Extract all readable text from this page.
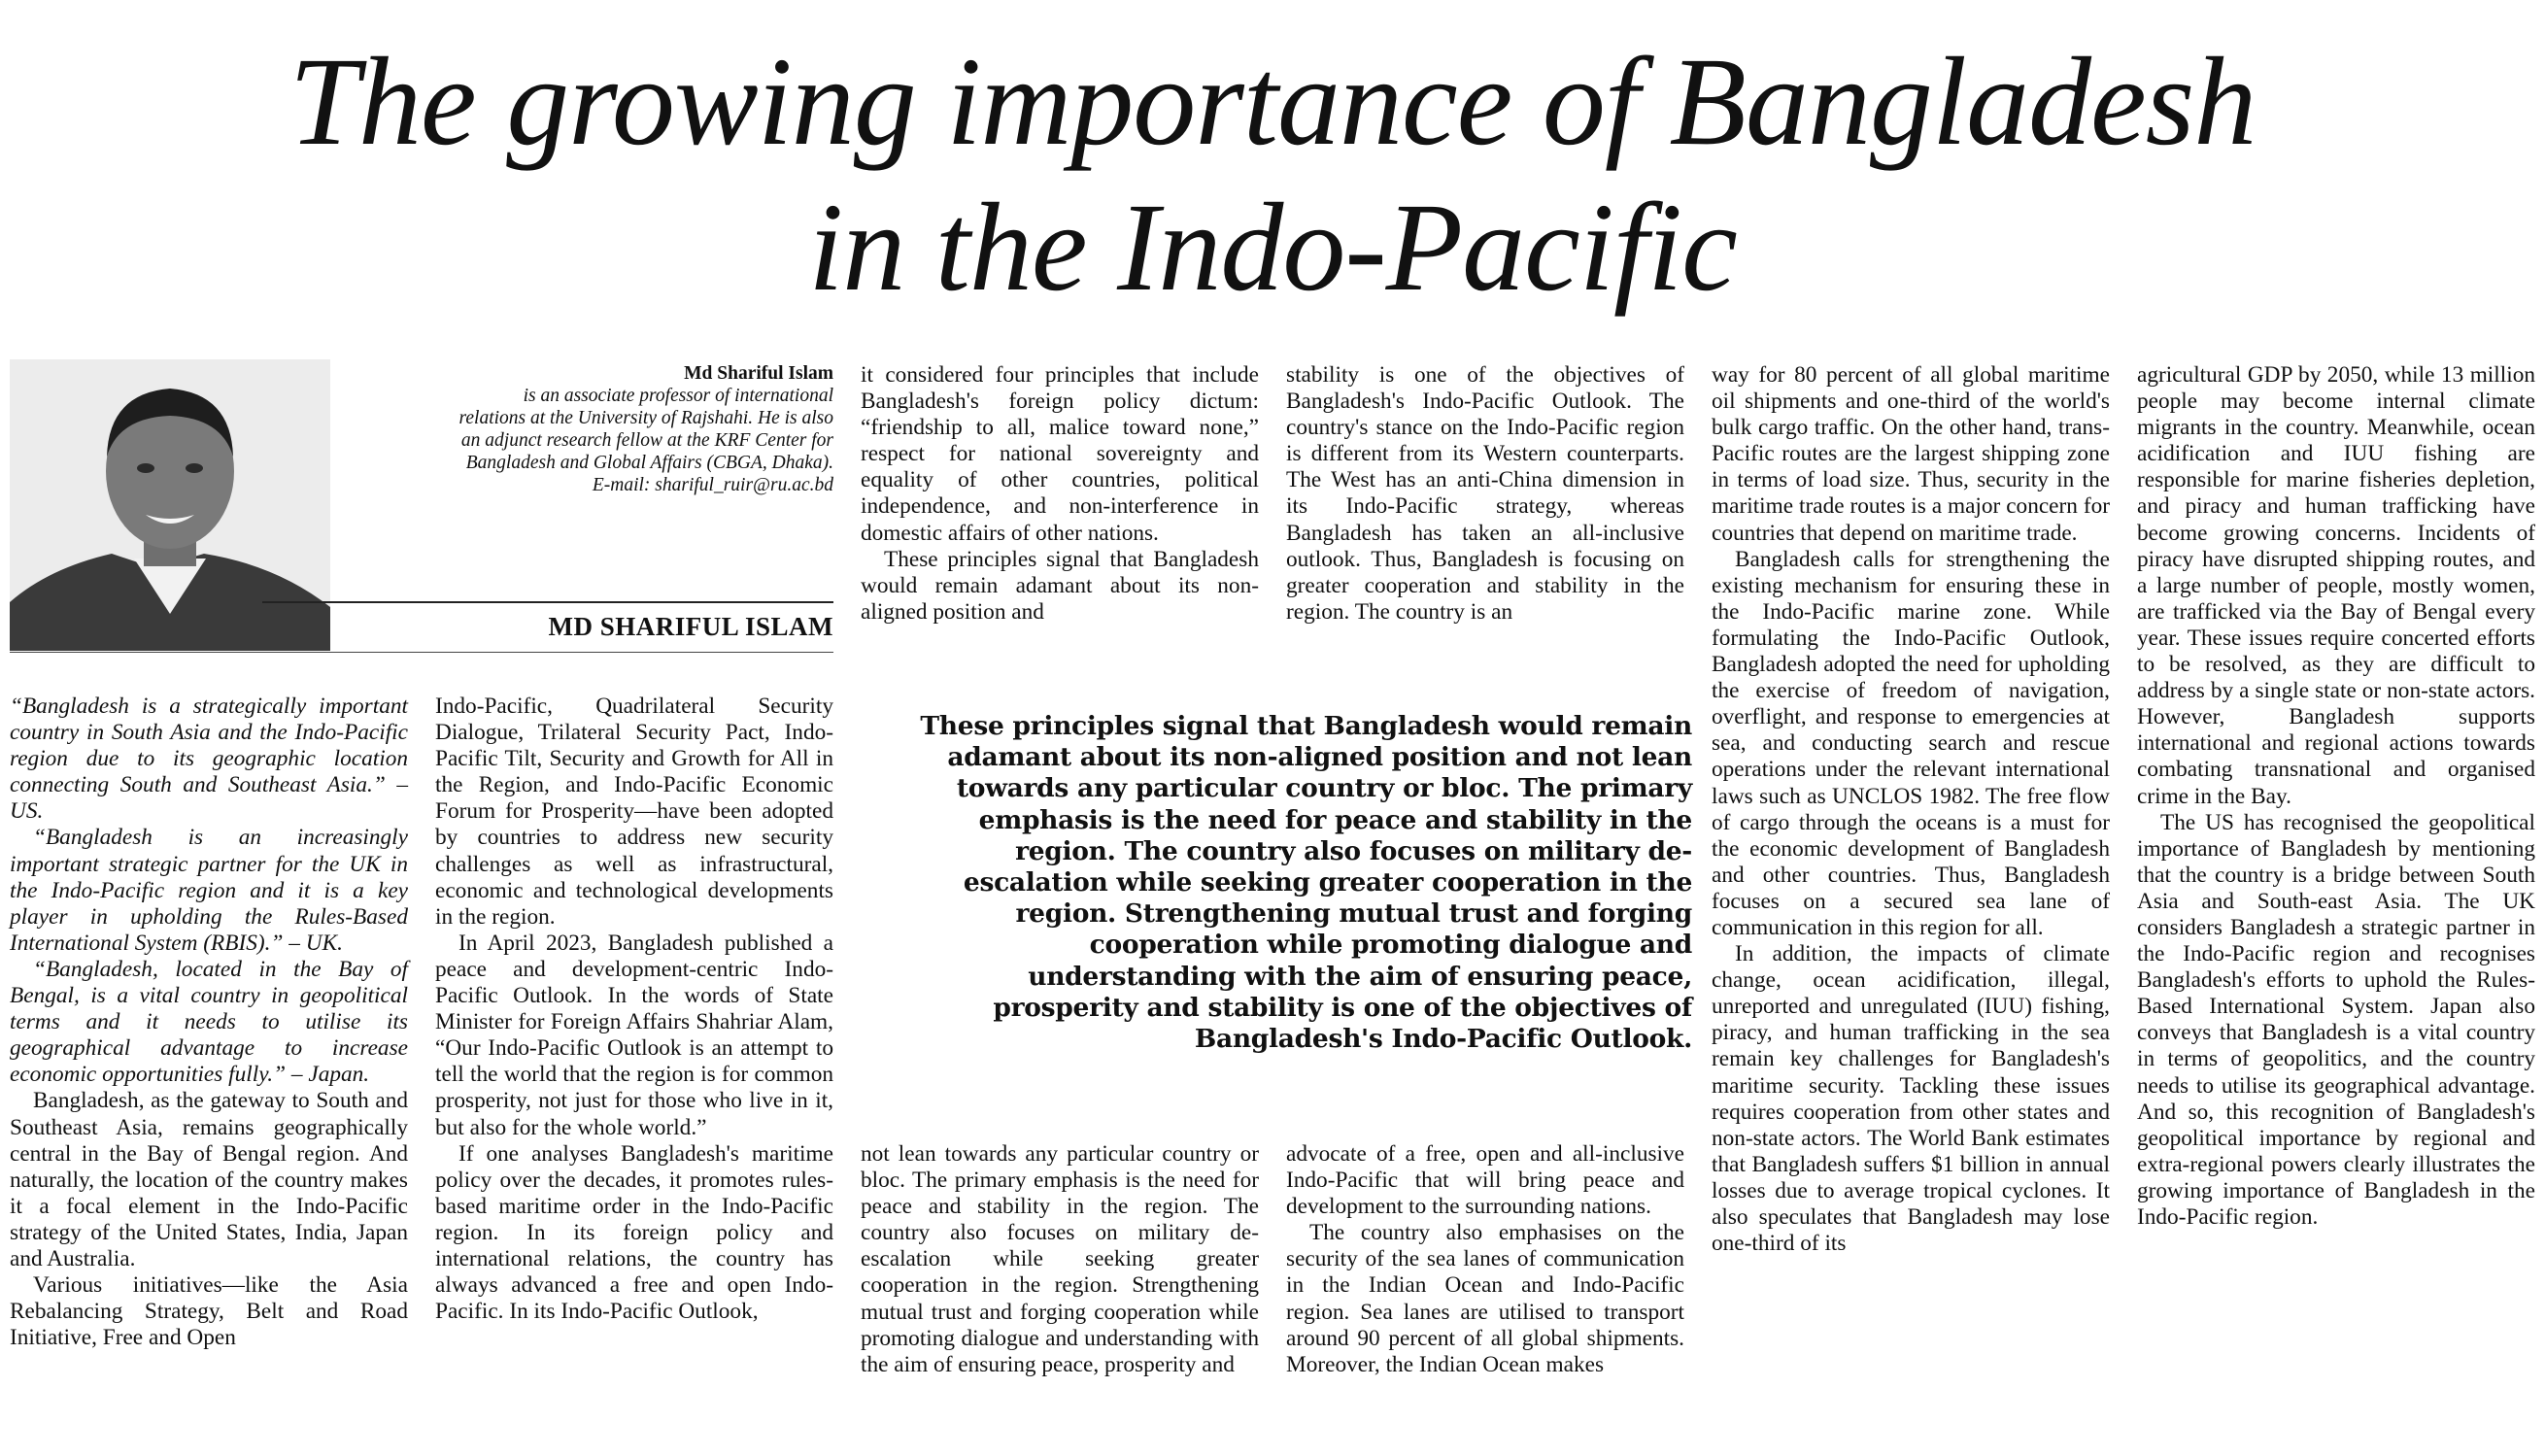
The growing importance of Bangladesh
in the Indo-Pacific
Md Shariful Islam
is an associate professor of international relations at the University of Rajshahi. He is also an adjunct research fellow at the KRF Center for Bangladesh and Global Affairs (CBGA, Dhaka). E-mail: shariful_ruir@ru.ac.bd
MD SHARIFUL ISLAM

“Bangladesh is a strategically important country in South Asia and the Indo-Pacific region due to its geographic location connecting South and Southeast Asia.” – US.

“Bangladesh is an increasingly important strategic partner for the UK in the Indo-Pacific region and it is a key player in upholding the Rules-Based International System (RBIS).” – UK.

“Bangladesh, located in the Bay of Bengal, is a vital country in geopolitical terms and it needs to utilise its geographical advantage to increase economic opportunities fully.” – Japan.

Bangladesh, as the gateway to South and Southeast Asia, remains geographically central in the Bay of Bengal region. And naturally, the location of the country makes it a focal element in the Indo-Pacific strategy of the United States, India, Japan and Australia.

Various initiatives—like the Asia Rebalancing Strategy, Belt and Road Initiative, Free and Open

Indo-Pacific, Quadrilateral Security Dialogue, Trilateral Security Pact, Indo-Pacific Tilt, Security and Growth for All in the Region, and Indo-Pacific Economic Forum for Prosperity—have been adopted by countries to address new security challenges as well as infrastructural, economic and technological developments in the region.

In April 2023, Bangladesh published a peace and development-centric Indo-Pacific Outlook. In the words of State Minister for Foreign Affairs Shahriar Alam, “Our Indo-Pacific Outlook is an attempt to tell the world that the region is for common prosperity, not just for those who live in it, but also for the whole world.”

If one analyses Bangladesh's maritime policy over the decades, it promotes rules-based maritime order in the Indo-Pacific region. In its foreign policy and international relations, the country has always advanced a free and open Indo-Pacific. In its Indo-Pacific Outlook,

it considered four principles that include Bangladesh's foreign policy dictum: “friendship to all, malice toward none,” respect for national sovereignty and equality of other countries, political independence, and non-interference in domestic affairs of other nations.

These principles signal that Bangladesh would remain adamant about its non-aligned position and

stability is one of the objectives of Bangladesh's Indo-Pacific Outlook. The country's stance on the Indo-Pacific region is different from its Western counterparts. The West has an anti-China dimension in its Indo-Pacific strategy, whereas Bangladesh has taken an all-inclusive outlook. Thus, Bangladesh is focusing on greater cooperation and stability in the region. The country is an

These principles signal that Bangladesh would remain adamant about its non-aligned position and not lean towards any particular country or bloc. The primary emphasis is the need for peace and stability in the region. The country also focuses on military de-escalation while seeking greater cooperation in the region. Strengthening mutual trust and forging cooperation while promoting dialogue and understanding with the aim of ensuring peace, prosperity and stability is one of the objectives of Bangladesh's Indo-Pacific Outlook.

not lean towards any particular country or bloc. The primary emphasis is the need for peace and stability in the region. The country also focuses on military de-escalation while seeking greater cooperation in the region. Strengthening mutual trust and forging cooperation while promoting dialogue and understanding with the aim of ensuring peace, prosperity and

advocate of a free, open and all-inclusive Indo-Pacific that will bring peace and development to the surrounding nations.

The country also emphasises on the security of the sea lanes of communication in the Indian Ocean and Indo-Pacific region. Sea lanes are utilised to transport around 90 percent of all global shipments. Moreover, the Indian Ocean makes

way for 80 percent of all global maritime oil shipments and one-third of the world's bulk cargo traffic. On the other hand, trans-Pacific routes are the largest shipping zone in terms of load size. Thus, security in the maritime trade routes is a major concern for countries that depend on maritime trade.

Bangladesh calls for strengthening the existing mechanism for ensuring these in the Indo-Pacific marine zone. While formulating the Indo-Pacific Outlook, Bangladesh adopted the need for upholding the exercise of freedom of navigation, overflight, and response to emergencies at sea, and conducting search and rescue operations under the relevant international laws such as UNCLOS 1982. The free flow of cargo through the oceans is a must for the economic development of Bangladesh and other countries. Thus, Bangladesh focuses on a secured sea lane of communication in this region for all.

In addition, the impacts of climate change, ocean acidification, illegal, unreported and unregulated (IUU) fishing, piracy, and human trafficking in the sea remain key challenges for Bangladesh's maritime security. Tackling these issues requires cooperation from other states and non-state actors. The World Bank estimates that Bangladesh suffers $1 billion in annual losses due to average tropical cyclones. It also speculates that Bangladesh may lose one-third of its

agricultural GDP by 2050, while 13 million people may become internal climate migrants in the country. Meanwhile, ocean acidification and IUU fishing are responsible for marine fisheries depletion, and piracy and human trafficking have become growing concerns. Incidents of piracy have disrupted shipping routes, and a large number of people, mostly women, are trafficked via the Bay of Bengal every year. These issues require concerted efforts to be resolved, as they are difficult to address by a single state or non-state actors. However, Bangladesh supports international and regional actions towards combating transnational and organised crime in the Bay.

The US has recognised the geopolitical importance of Bangladesh by mentioning that the country is a bridge between South Asia and South-east Asia. The UK considers Bangladesh a strategic partner in the Indo-Pacific region and recognises Bangladesh's efforts to uphold the Rules-Based International System. Japan also conveys that Bangladesh is a vital country in terms of geopolitics, and the country needs to utilise its geographical advantage. And so, this recognition of Bangladesh's geopolitical importance by regional and extra-regional powers clearly illustrates the growing importance of Bangladesh in the Indo-Pacific region.
